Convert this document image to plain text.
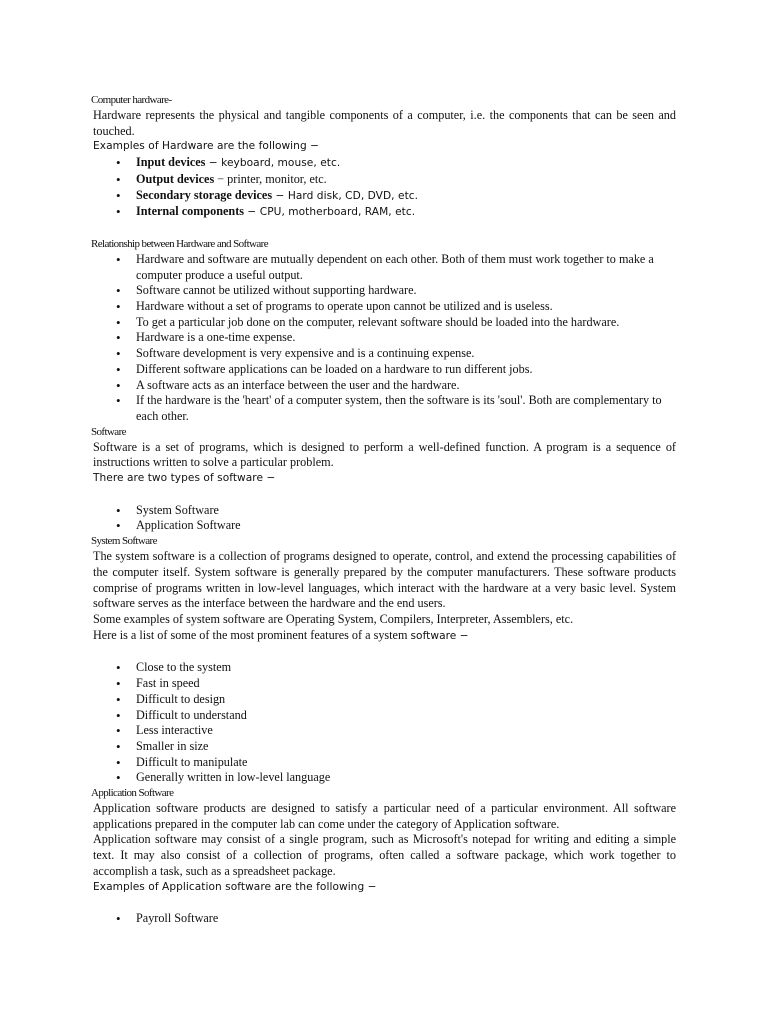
Computer hardware-

Hardware represents the physical and tangible components of a computer, i.e. the components that can be seen and touched.

Examples of Hardware are the following −
• Input devices − keyboard, mouse, etc.
• Output devices − printer, monitor, etc.
• Secondary storage devices − Hard disk, CD, DVD, etc.
• Internal components − CPU, motherboard, RAM, etc.
Relationship between Hardware and Software
• Hardware and software are mutually dependent on each other. Both of them must work together to make a computer produce a useful output.
• Software cannot be utilized without supporting hardware.
• Hardware without a set of programs to operate upon cannot be utilized and is useless.
• To get a particular job done on the computer, relevant software should be loaded into the hardware.
• Hardware is a one-time expense.
• Software development is very expensive and is a continuing expense.
• Different software applications can be loaded on a hardware to run different jobs.
• A software acts as an interface between the user and the hardware.
• If the hardware is the 'heart' of a computer system, then the software is its 'soul'. Both are complementary to each other.
Software

Software is a set of programs, which is designed to perform a well-defined function. A program is a sequence of instructions written to solve a particular problem.

There are two types of software −
• System Software
• Application Software
System Software

The system software is a collection of programs designed to operate, control, and extend the processing capabilities of the computer itself. System software is generally prepared by the computer manufacturers. These software products comprise of programs written in low-level languages, which interact with the hardware at a very basic level. System software serves as the interface between the hardware and the end users.

Some examples of system software are Operating System, Compilers, Interpreter, Assemblers, etc.

Here is a list of some of the most prominent features of a system software −

• Close to the system
• Fast in speed
• Difficult to design
• Difficult to understand
• Less interactive
• Smaller in size
• Difficult to manipulate
• Generally written in low-level language
Application Software

Application software products are designed to satisfy a particular need of a particular environment. All software applications prepared in the computer lab can come under the category of Application software.

Application software may consist of a single program, such as Microsoft's notepad for writing and editing a simple text. It may also consist of a collection of programs, often called a software package, which work together to accomplish a task, such as a spreadsheet package.

Examples of Application software are the following −
• Payroll Software
